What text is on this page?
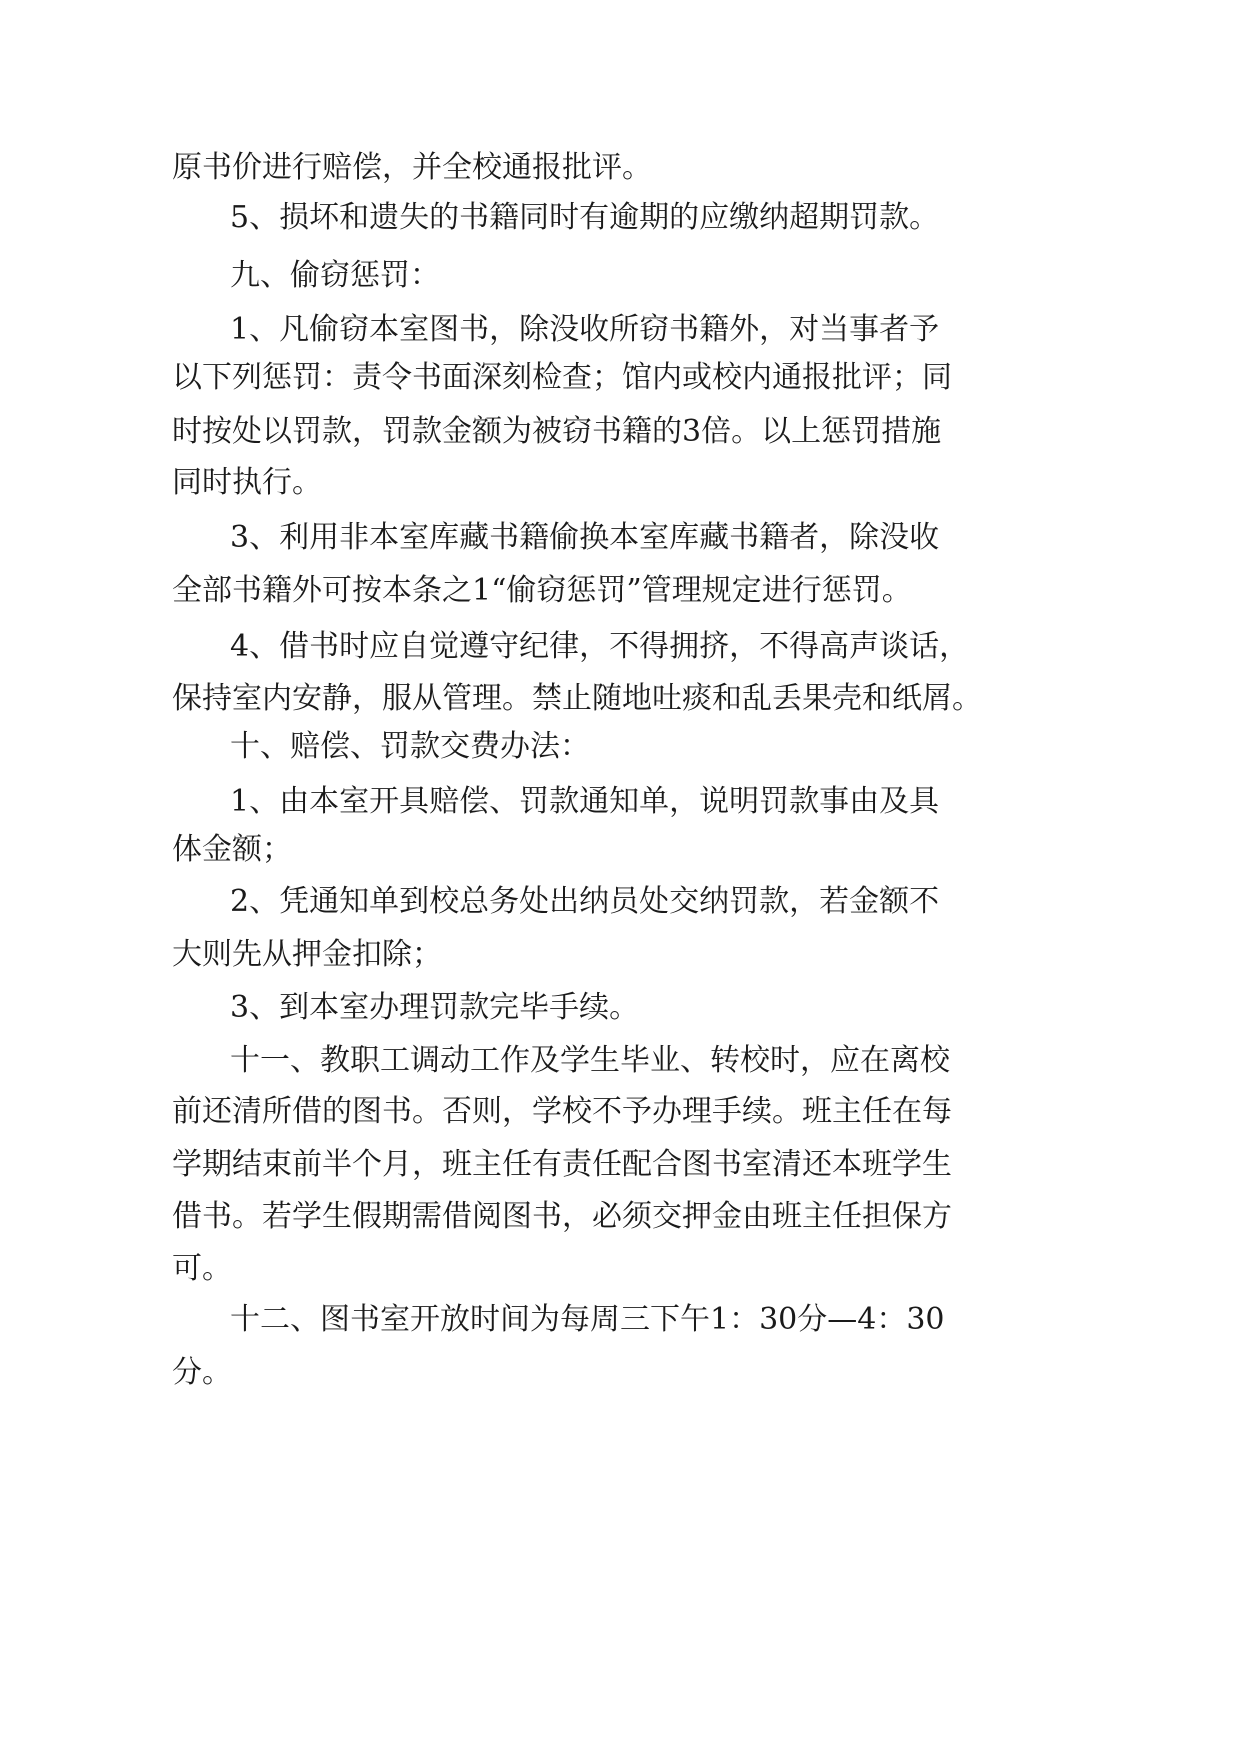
原书价进行赔偿，并全校通报批评。

5、损坏和遗失的书籍同时有逾期的应缴纳超期罚款。

九、偷窃惩罚：

1、凡偷窃本室图书，除没收所窃书籍外，对当事者予

以下列惩罚：责令书面深刻检查；馆内或校内通报批评；同

时按处以罚款，罚款金额为被窃书籍的3倍。以上惩罚措施

同时执行。

3、利用非本室库藏书籍偷换本室库藏书籍者，除没收

全部书籍外可按本条之1“偷窃惩罚”管理规定进行惩罚。

4、借书时应自觉遵守纪律，不得拥挤，不得高声谈话，

保持室内安静，服从管理。禁止随地吐痰和乱丢果壳和纸屑。

十、赔偿、罚款交费办法：

1、由本室开具赔偿、罚款通知单，说明罚款事由及具

体金额；

2、凭通知单到校总务处出纳员处交纳罚款，若金额不

大则先从押金扣除；

3、到本室办理罚款完毕手续。

十一、教职工调动工作及学生毕业、转校时，应在离校

前还清所借的图书。否则，学校不予办理手续。班主任在每

学期结束前半个月，班主任有责任配合图书室清还本班学生

借书。若学生假期需借阅图书，必须交押金由班主任担保方

可。

十二、图书室开放时间为每周三下午1：30分—4：30

分。
